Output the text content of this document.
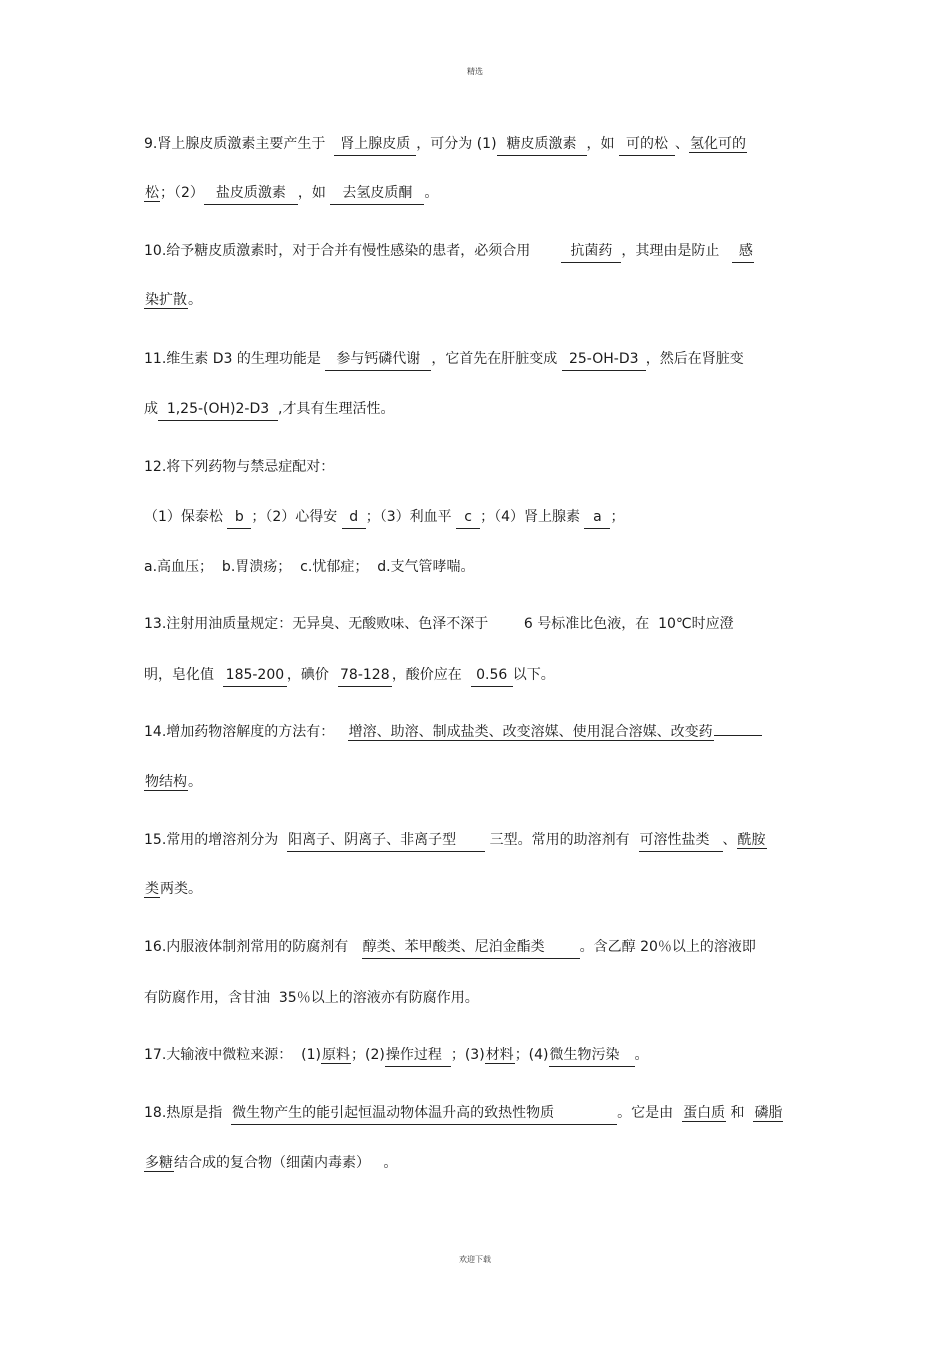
精选
9.肾上腺皮质激素主要产生于 肾上腺皮质 ，可分为 (1) 糖皮质激素 ，如 可的松 、氢化可的
松；（2） 盐皮质激素 ，如 去氢皮质酮 。
10.给予糖皮质激素时，对于合并有慢性感染的患者，必须合用	抗菌药 ，其理由是防止 感
染扩散。
11.维生素 D3 的生理功能是 参与钙磷代谢 ，它首先在肝脏变成 25-OH-D3 ，然后在肾脏变
成 1,25-(OH)2-D3 ,才具有生理活性。
12.将下列药物与禁忌症配对：
（1）保泰松 b ；（2）心得安 d ；（3）利血平 c ；（4）肾上腺素 a ；
a.高血压；  b.胃溃疡；  c.忧郁症；  d.支气管哮喘。
13.注射用油质量规定：无异臭、无酸败味、色泽不深于        6 号标准比色液，在  10℃时应澄
明，皂化值  185-200 ，碘价  78-128 ，酸价应在  0.56 以下。
14.增加药物溶解度的方法有：   增溶、助溶、制成盐类、改变溶媒、使用混合溶媒、改变药
物结构。
15.常用的增溶剂分为  阳离子、阴离子、非离子型 三型。常用的助溶剂有  可溶性盐类 、酰胺
类两类。
16.内服液体制剂常用的防腐剂有   醇类、苯甲酸类、尼泊金酯类	。含乙醇 20％以上的溶液即
有防腐作用，含甘油  35％以上的溶液亦有防腐作用。
17.大输液中微粒来源：  (1)原料；(2)操作过程 ；(3)材料；(4)微生物污染 。
18.热原是指  微生物产生的能引起恒温动物体温升高的致热性物质	。它是由  蛋白质 和  磷脂
多糖结合成的复合物（细菌内毒素）   。
欢迎下载
